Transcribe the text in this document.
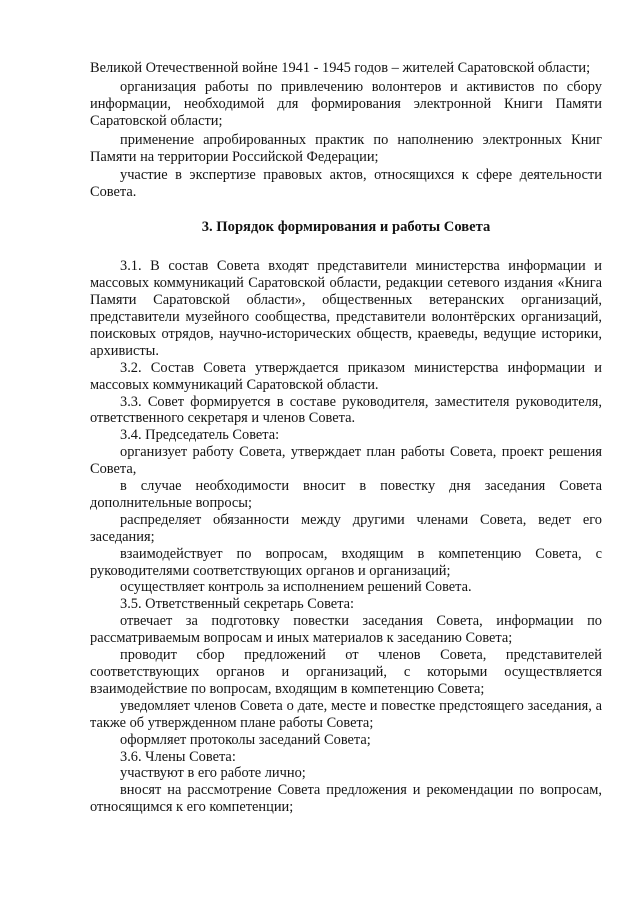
Великой Отечественной войне 1941 - 1945 годов – жителей Саратовской области;

организация работы по привлечению волонтеров и активистов по сбору информации, необходимой для формирования электронной Книги Памяти Саратовской области;

применение апробированных практик по наполнению электронных Книг Памяти на территории Российской Федерации;

участие в экспертизе правовых актов, относящихся к сфере деятельности Совета.

3. Порядок формирования и работы Совета

3.1. В состав Совета входят представители министерства информации и массовых коммуникаций Саратовской области, редакции сетевого издания «Книга Памяти Саратовской области», общественных ветеранских организаций, представители музейного сообщества, представители волонтёрских организаций, поисковых отрядов, научно-исторических обществ, краеведы, ведущие историки, архивисты.

3.2. Состав Совета утверждается приказом министерства информации и массовых коммуникаций Саратовской области.

3.3. Совет формируется в составе руководителя, заместителя руководителя, ответственного секретаря и членов Совета.

3.4. Председатель Совета:

организует работу Совета, утверждает план работы Совета, проект решения Совета,

в случае необходимости вносит в повестку дня заседания Совета дополнительные вопросы;

распределяет обязанности между другими членами Совета, ведет его заседания;

взаимодействует по вопросам, входящим в компетенцию Совета, с руководителями соответствующих органов и организаций;

осуществляет контроль за исполнением решений Совета.

3.5. Ответственный секретарь Совета:

отвечает за подготовку повестки заседания Совета, информации по рассматриваемым вопросам и иных материалов к заседанию Совета;

проводит сбор предложений от членов Совета, представителей соответствующих органов и организаций, с которыми осуществляется взаимодействие по вопросам, входящим в компетенцию Совета;

уведомляет членов Совета о дате, месте и повестке предстоящего заседания, а также об утвержденном плане работы Совета;

оформляет протоколы заседаний Совета;

3.6. Члены Совета:

участвуют в его работе лично;

вносят на рассмотрение Совета предложения и рекомендации по вопросам, относящимся к его компетенции;
